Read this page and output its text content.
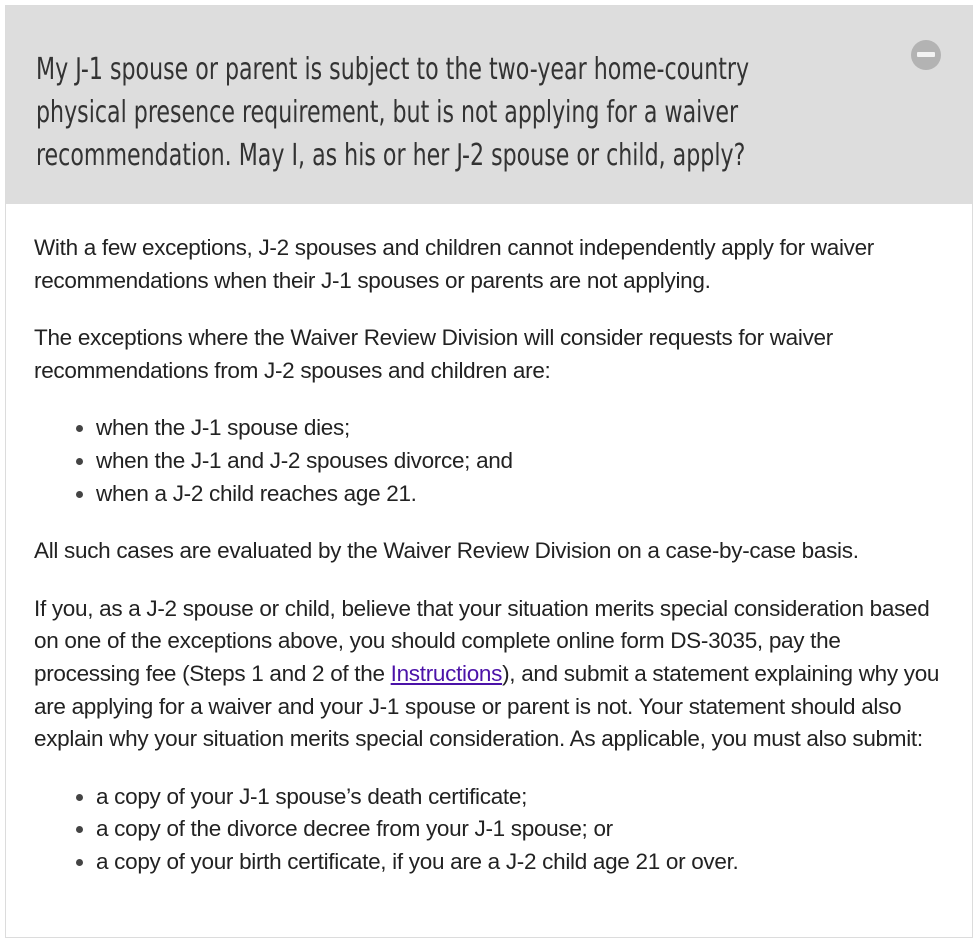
My J-1 spouse or parent is subject to the two-year home-country physical presence requirement, but is not applying for a waiver recommendation. May I, as his or her J-2 spouse or child, apply?

With a few exceptions, J-2 spouses and children cannot independently apply for waiver recommendations when their J-1 spouses or parents are not applying.

The exceptions where the Waiver Review Division will consider requests for waiver recommendations from J-2 spouses and children are:

• when the J-1 spouse dies;
• when the J-1 and J-2 spouses divorce; and
• when a J-2 child reaches age 21.

All such cases are evaluated by the Waiver Review Division on a case-by-case basis.

If you, as a J-2 spouse or child, believe that your situation merits special consideration based on one of the exceptions above, you should complete online form DS-3035, pay the processing fee (Steps 1 and 2 of the Instructions), and submit a statement explaining why you are applying for a waiver and your J-1 spouse or parent is not. Your statement should also explain why your situation merits special consideration. As applicable, you must also submit:

• a copy of your J-1 spouse’s death certificate;
• a copy of the divorce decree from your J-1 spouse; or
• a copy of your birth certificate, if you are a J-2 child age 21 or over.
